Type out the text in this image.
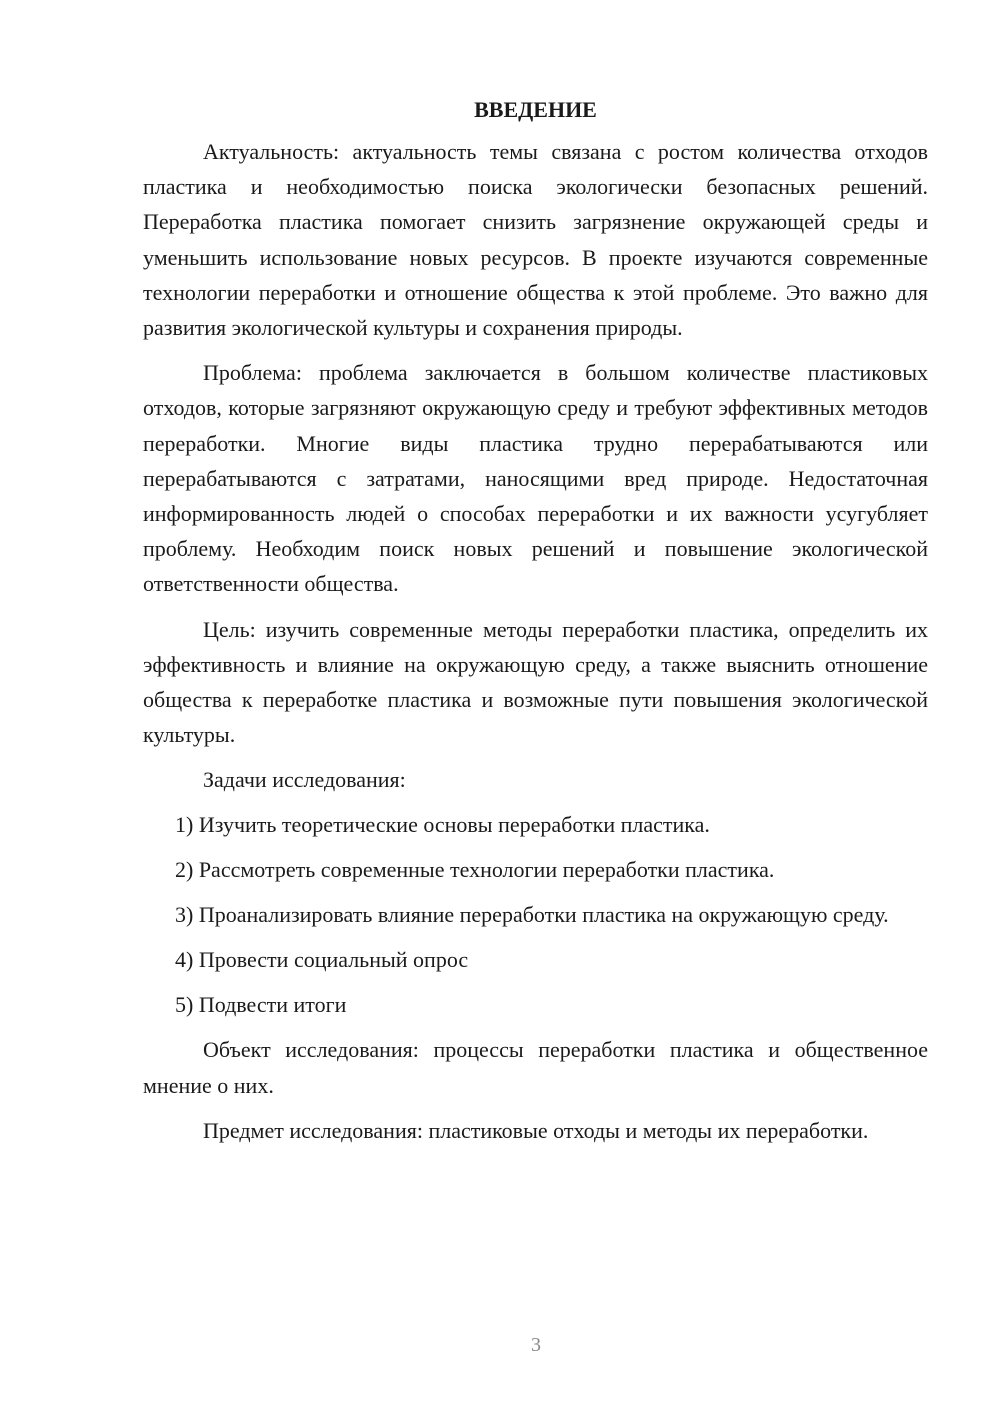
ВВЕДЕНИЕ

Актуальность: актуальность темы связана с ростом количества отходов пластика и необходимостью поиска экологически безопасных решений. Переработка пластика помогает снизить загрязнение окружающей среды и уменьшить использование новых ресурсов. В проекте изучаются современные технологии переработки и отношение общества к этой проблеме. Это важно для развития экологической культуры и сохранения природы.

Проблема: проблема заключается в большом количестве пластиковых отходов, которые загрязняют окружающую среду и требуют эффективных методов переработки. Многие виды пластика трудно перерабатываются или перерабатываются с затратами, наносящими вред природе. Недостаточная информированность людей о способах переработки и их важности усугубляет проблему. Необходим поиск новых решений и повышение экологической ответственности общества.

Цель: изучить современные методы переработки пластика, определить их эффективность и влияние на окружающую среду, а также выяснить отношение общества к переработке пластика и возможные пути повышения экологической культуры.

Задачи исследования:

1) Изучить теоретические основы переработки пластика.

2) Рассмотреть современные технологии переработки пластика.

3) Проанализировать влияние переработки пластика на окружающую среду.

4) Провести социальный опрос

5) Подвести итоги

Объект исследования: процессы переработки пластика и общественное мнение о них.

Предмет исследования: пластиковые отходы и методы их переработки.

3
